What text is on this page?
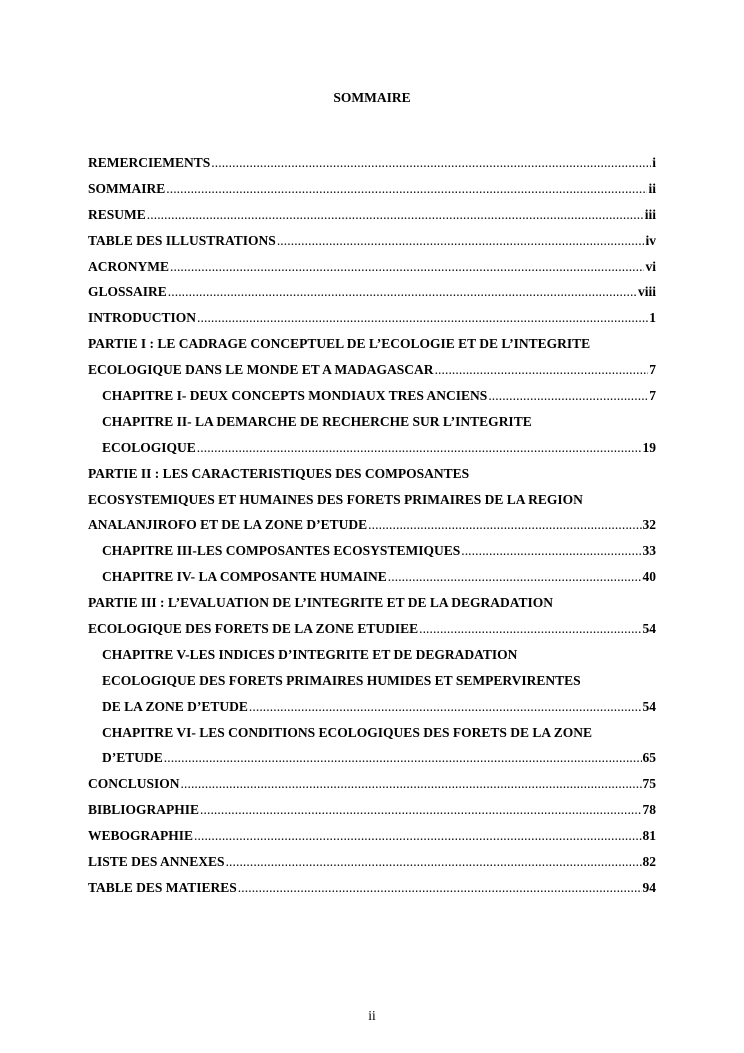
SOMMAIRE
REMERCIEMENTS .....	i
SOMMAIRE .....	ii
RESUME .....	iii
TABLE DES ILLUSTRATIONS .....	iv
ACRONYME .....	vi
GLOSSAIRE .....	viii
INTRODUCTION .....	1
PARTIE I : LE CADRAGE CONCEPTUEL DE L’ECOLOGIE ET DE L’INTEGRITE
ECOLOGIQUE DANS LE MONDE ET A MADAGASCAR .....	7
CHAPITRE I- DEUX CONCEPTS MONDIAUX TRES ANCIENS .....	7
CHAPITRE II- LA DEMARCHE DE RECHERCHE SUR L’INTEGRITE
ECOLOGIQUE .....	19
PARTIE II : LES CARACTERISTIQUES DES COMPOSANTES
ECOSYSTEMIQUES ET HUMAINES DES FORETS PRIMAIRES DE LA REGION
ANALANJIROFO ET DE LA ZONE D’ETUDE .....	32
CHAPITRE III-LES COMPOSANTES ECOSYSTEMIQUES .....	33
CHAPITRE IV- LA COMPOSANTE HUMAINE .....	40
PARTIE III : L’EVALUATION DE L’INTEGRITE ET DE LA DEGRADATION
ECOLOGIQUE DES FORETS DE LA ZONE ETUDIEE .....	54
CHAPITRE V-LES INDICES D’INTEGRITE ET DE DEGRADATION
ECOLOGIQUE DES FORETS PRIMAIRES HUMIDES ET SEMPERVIRENTES
DE LA ZONE D’ETUDE .....	54
CHAPITRE VI- LES CONDITIONS ECOLOGIQUES DES FORETS DE LA ZONE
D’ETUDE .....	65
CONCLUSION .....	75
BIBLIOGRAPHIE .....	78
WEBOGRAPHIE .....	81
LISTE DES ANNEXES .....	82
TABLE DES MATIERES .....	94
ii
